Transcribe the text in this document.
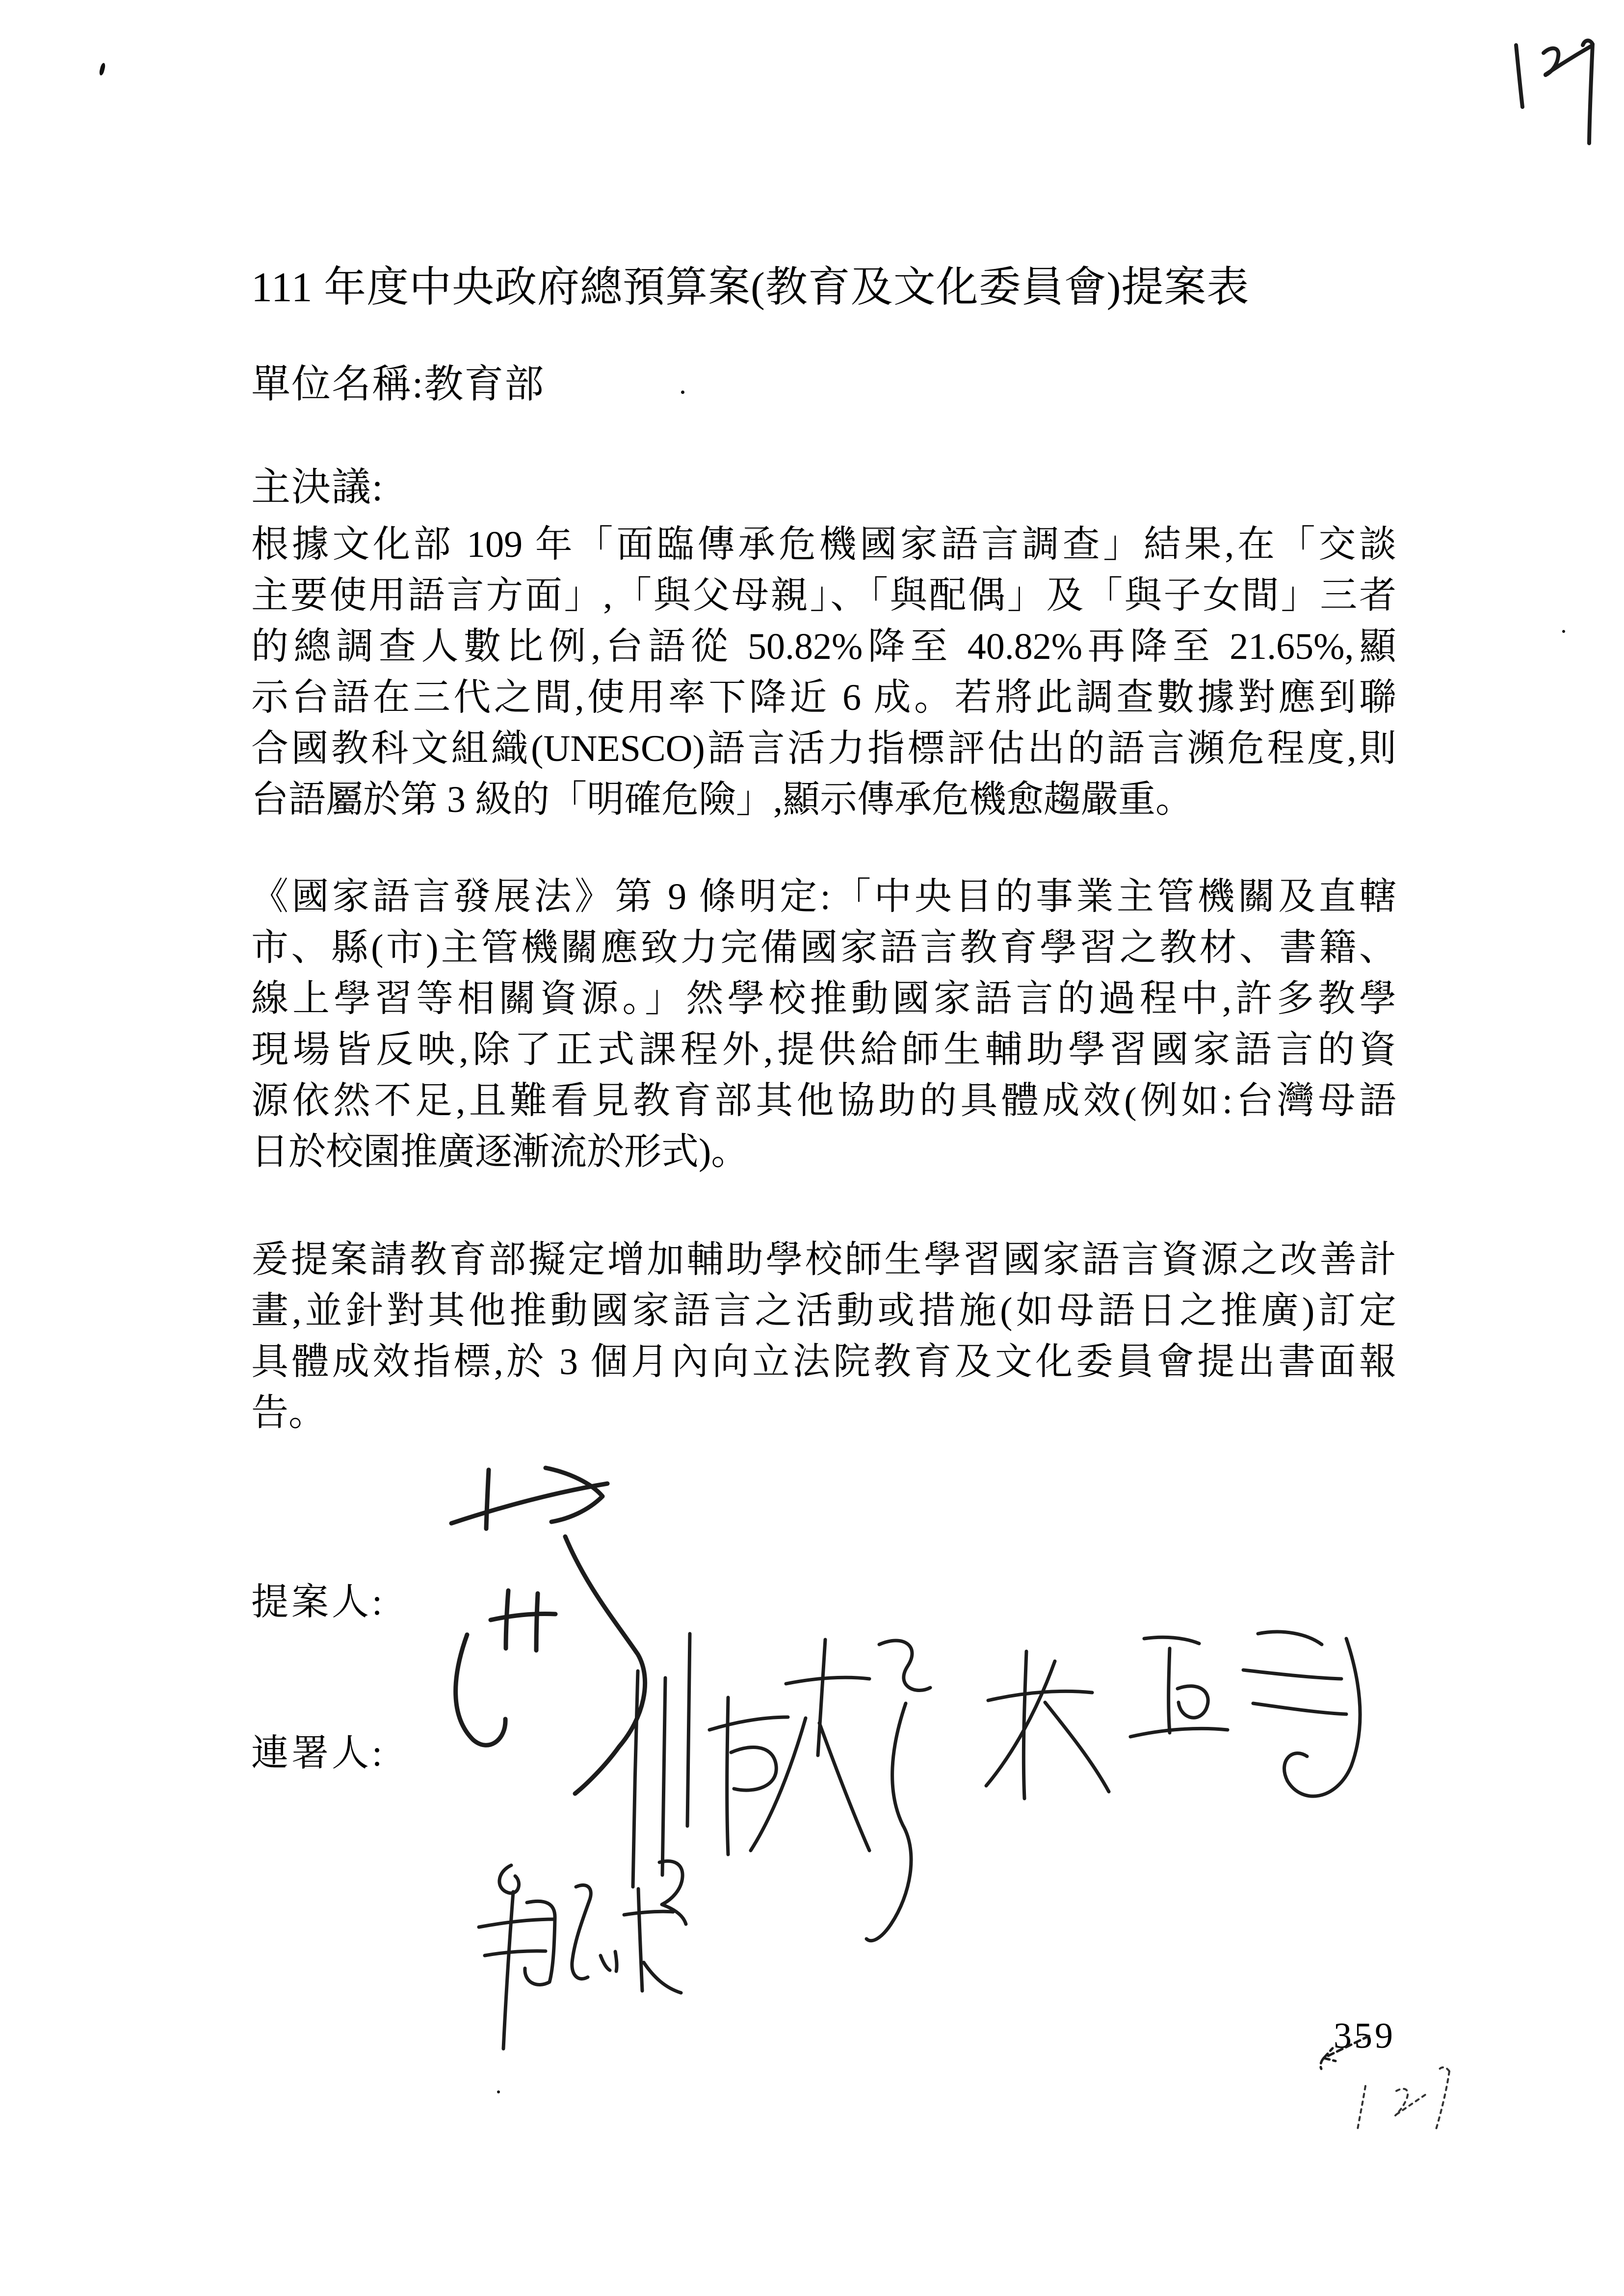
111 年度中央政府總預算案(教育及文化委員會)提案表
單位名稱:教育部
主決議:
根據文化部 109 年「面臨傳承危機國家語言調查」結果,在「交談
主要使用語言方面」,「與父母親」、「與配偶」及「與子女間」三者
的總調查人數比例,台語從 50.82%降至 40.82%再降至 21.65%,顯
示台語在三代之間,使用率下降近 6 成。若將此調查數據對應到聯
合國教科文組織(UNESCO)語言活力指標評估出的語言瀕危程度,則
台語屬於第 3 級的「明確危險」,顯示傳承危機愈趨嚴重。
《國家語言發展法》第 9 條明定:「中央目的事業主管機關及直轄
市、縣(市)主管機關應致力完備國家語言教育學習之教材、書籍、
線上學習等相關資源。」然學校推動國家語言的過程中,許多教學
現場皆反映,除了正式課程外,提供給師生輔助學習國家語言的資
源依然不足,且難看見教育部其他協助的具體成效(例如:台灣母語
日於校園推廣逐漸流於形式)。
爰提案請教育部擬定增加輔助學校師生學習國家語言資源之改善計
畫,並針對其他推動國家語言之活動或措施(如母語日之推廣)訂定
具體成效指標,於 3 個月內向立法院教育及文化委員會提出書面報
告。
提案人:
連署人:
359
